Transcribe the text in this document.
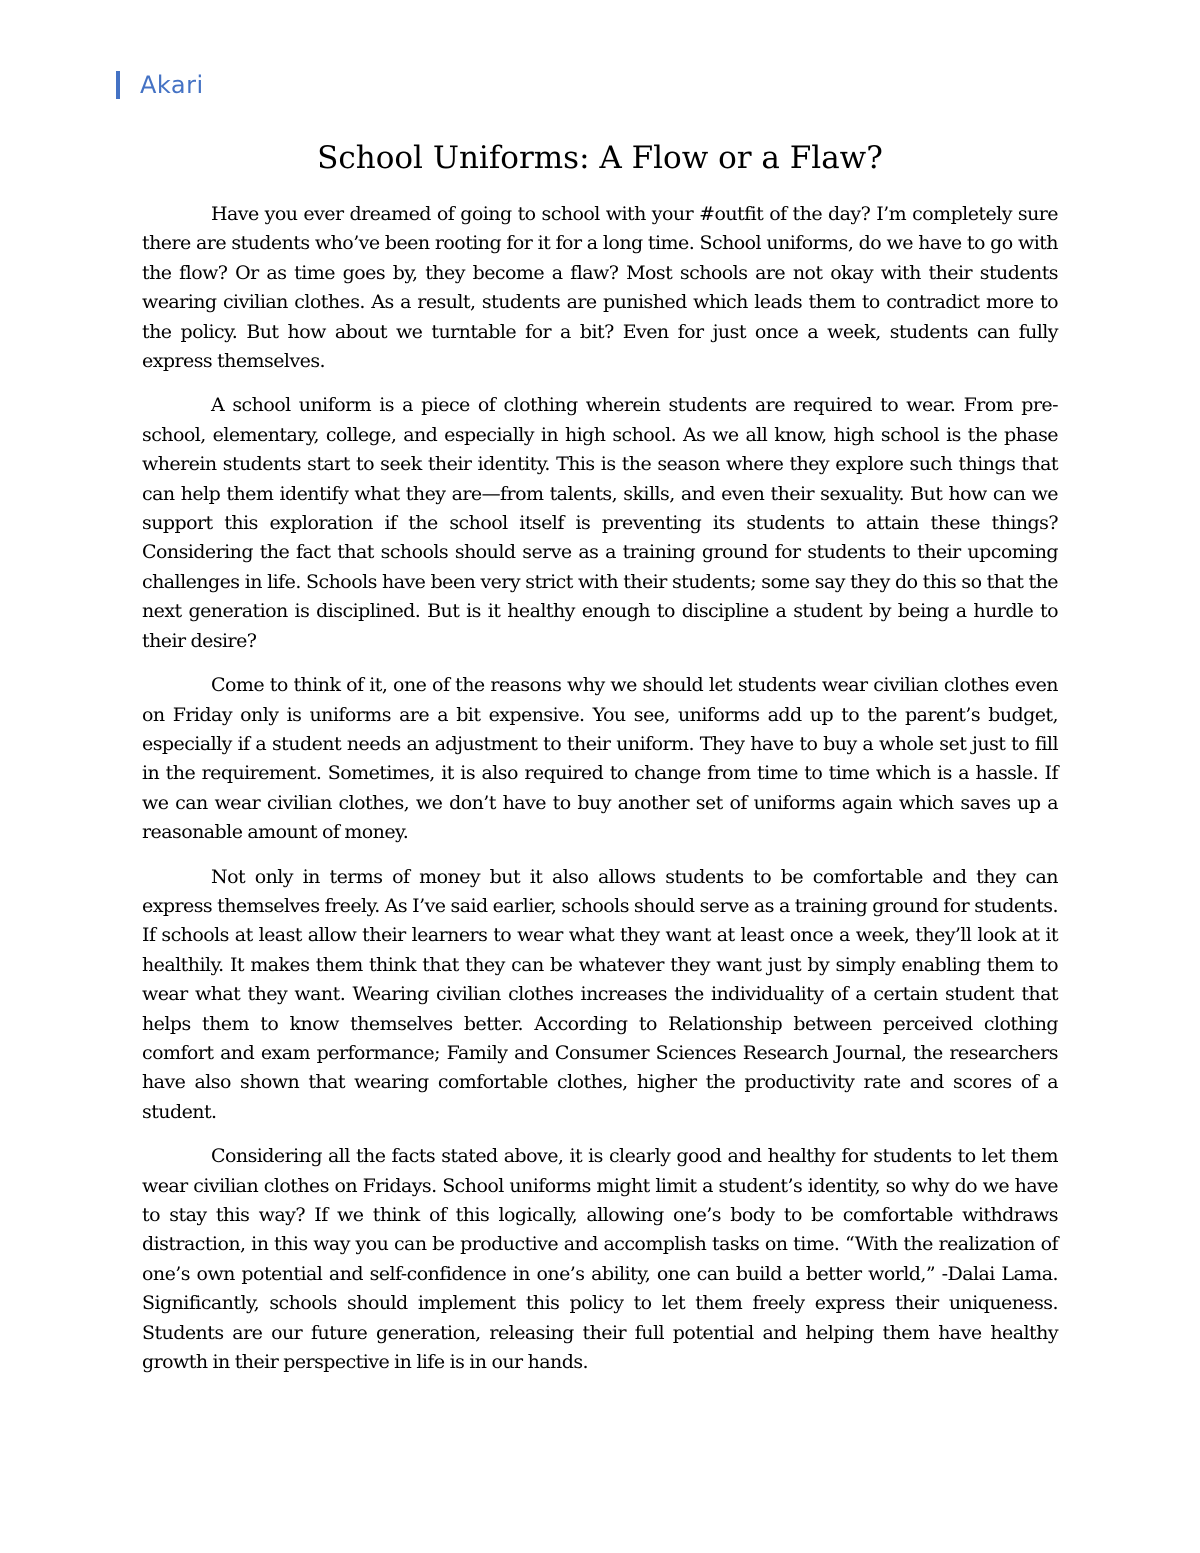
Akari
School Uniforms: A Flow or a Flaw?

Have you ever dreamed of going to school with your #outfit of the day? I’m completely sure there are students who’ve been rooting for it for a long time. School uniforms, do we have to go with the flow? Or as time goes by, they become a flaw? Most schools are not okay with their students wearing civilian clothes. As a result, students are punished which leads them to contradict more to the policy. But how about we turntable for a bit? Even for just once a week, students can fully express themselves.

A school uniform is a piece of clothing wherein students are required to wear. From pre-school, elementary, college, and especially in high school. As we all know, high school is the phase wherein students start to seek their identity. This is the season where they explore such things that can help them identify what they are—from talents, skills, and even their sexuality. But how can we support this exploration if the school itself is preventing its students to attain these things? Considering the fact that schools should serve as a training ground for students to their upcoming challenges in life. Schools have been very strict with their students; some say they do this so that the next generation is disciplined. But is it healthy enough to discipline a student by being a hurdle to their desire?

Come to think of it, one of the reasons why we should let students wear civilian clothes even on Friday only is uniforms are a bit expensive. You see, uniforms add up to the parent’s budget, especially if a student needs an adjustment to their uniform. They have to buy a whole set just to fill in the requirement. Sometimes, it is also required to change from time to time which is a hassle. If we can wear civilian clothes, we don’t have to buy another set of uniforms again which saves up a reasonable amount of money.

Not only in terms of money but it also allows students to be comfortable and they can express themselves freely. As I’ve said earlier, schools should serve as a training ground for students. If schools at least allow their learners to wear what they want at least once a week, they’ll look at it healthily. It makes them think that they can be whatever they want just by simply enabling them to wear what they want. Wearing civilian clothes increases the individuality of a certain student that helps them to know themselves better. According to Relationship between perceived clothing comfort and exam performance; Family and Consumer Sciences Research Journal, the researchers have also shown that wearing comfortable clothes, higher the productivity rate and scores of a student.

Considering all the facts stated above, it is clearly good and healthy for students to let them wear civilian clothes on Fridays. School uniforms might limit a student’s identity, so why do we have to stay this way? If we think of this logically, allowing one’s body to be comfortable withdraws distraction, in this way you can be productive and accomplish tasks on time. “With the realization of one’s own potential and self-confidence in one’s ability, one can build a better world,” -Dalai Lama. Significantly, schools should implement this policy to let them freely express their uniqueness. Students are our future generation, releasing their full potential and helping them have healthy growth in their perspective in life is in our hands.
